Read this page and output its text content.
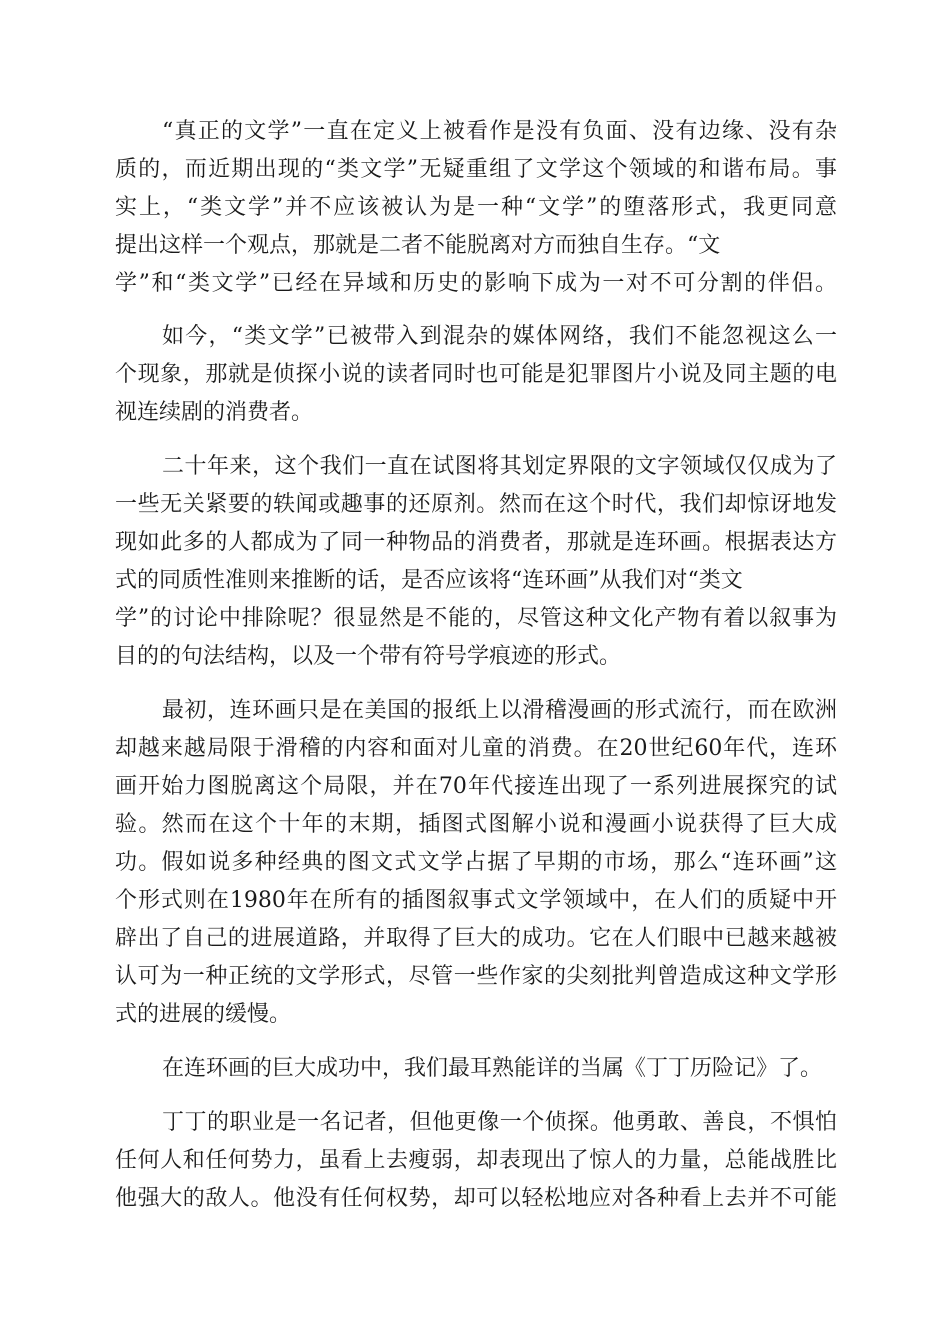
“真正的文学”一直在定义上被看作是没有负面、没有边缘、没有杂

质的，而近期出现的“类文学”无疑重组了文学这个领域的和谐布局。事

实上，“类文学”并不应该被认为是一种“文学”的堕落形式，我更同意

提出这样一个观点，那就是二者不能脱离对方而独自生存。“文

学”和“类文学”已经在异域和历史的影响下成为一对不可分割的伴侣。

如今，“类文学”已被带入到混杂的媒体网络，我们不能忽视这么一

个现象，那就是侦探小说的读者同时也可能是犯罪图片小说及同主题的电

视连续剧的消费者。

二十年来，这个我们一直在试图将其划定界限的文字领域仅仅成为了

一些无关紧要的轶闻或趣事的还原剂。然而在这个时代，我们却惊讶地发

现如此多的人都成为了同一种物品的消费者，那就是连环画。根据表达方

式的同质性准则来推断的话，是否应该将“连环画”从我们对“类文

学”的讨论中排除呢？很显然是不能的，尽管这种文化产物有着以叙事为

目的的句法结构，以及一个带有符号学痕迹的形式。

最初，连环画只是在美国的报纸上以滑稽漫画的形式流行，而在欧洲

却越来越局限于滑稽的内容和面对儿童的消费。在20世纪60年代，连环

画开始力图脱离这个局限，并在70年代接连出现了一系列进展探究的试

验。然而在这个十年的末期，插图式图解小说和漫画小说获得了巨大成

功。假如说多种经典的图文式文学占据了早期的市场，那么“连环画”这

个形式则在1980年在所有的插图叙事式文学领域中，在人们的质疑中开

辟出了自己的进展道路，并取得了巨大的成功。它在人们眼中已越来越被

认可为一种正统的文学形式，尽管一些作家的尖刻批判曾造成这种文学形

式的进展的缓慢。

在连环画的巨大成功中，我们最耳熟能详的当属《丁丁历险记》了。

丁丁的职业是一名记者，但他更像一个侦探。他勇敢、善良，不惧怕

任何人和任何势力，虽看上去瘦弱，却表现出了惊人的力量，总能战胜比

他强大的敌人。他没有任何权势，却可以轻松地应对各种看上去并不可能
